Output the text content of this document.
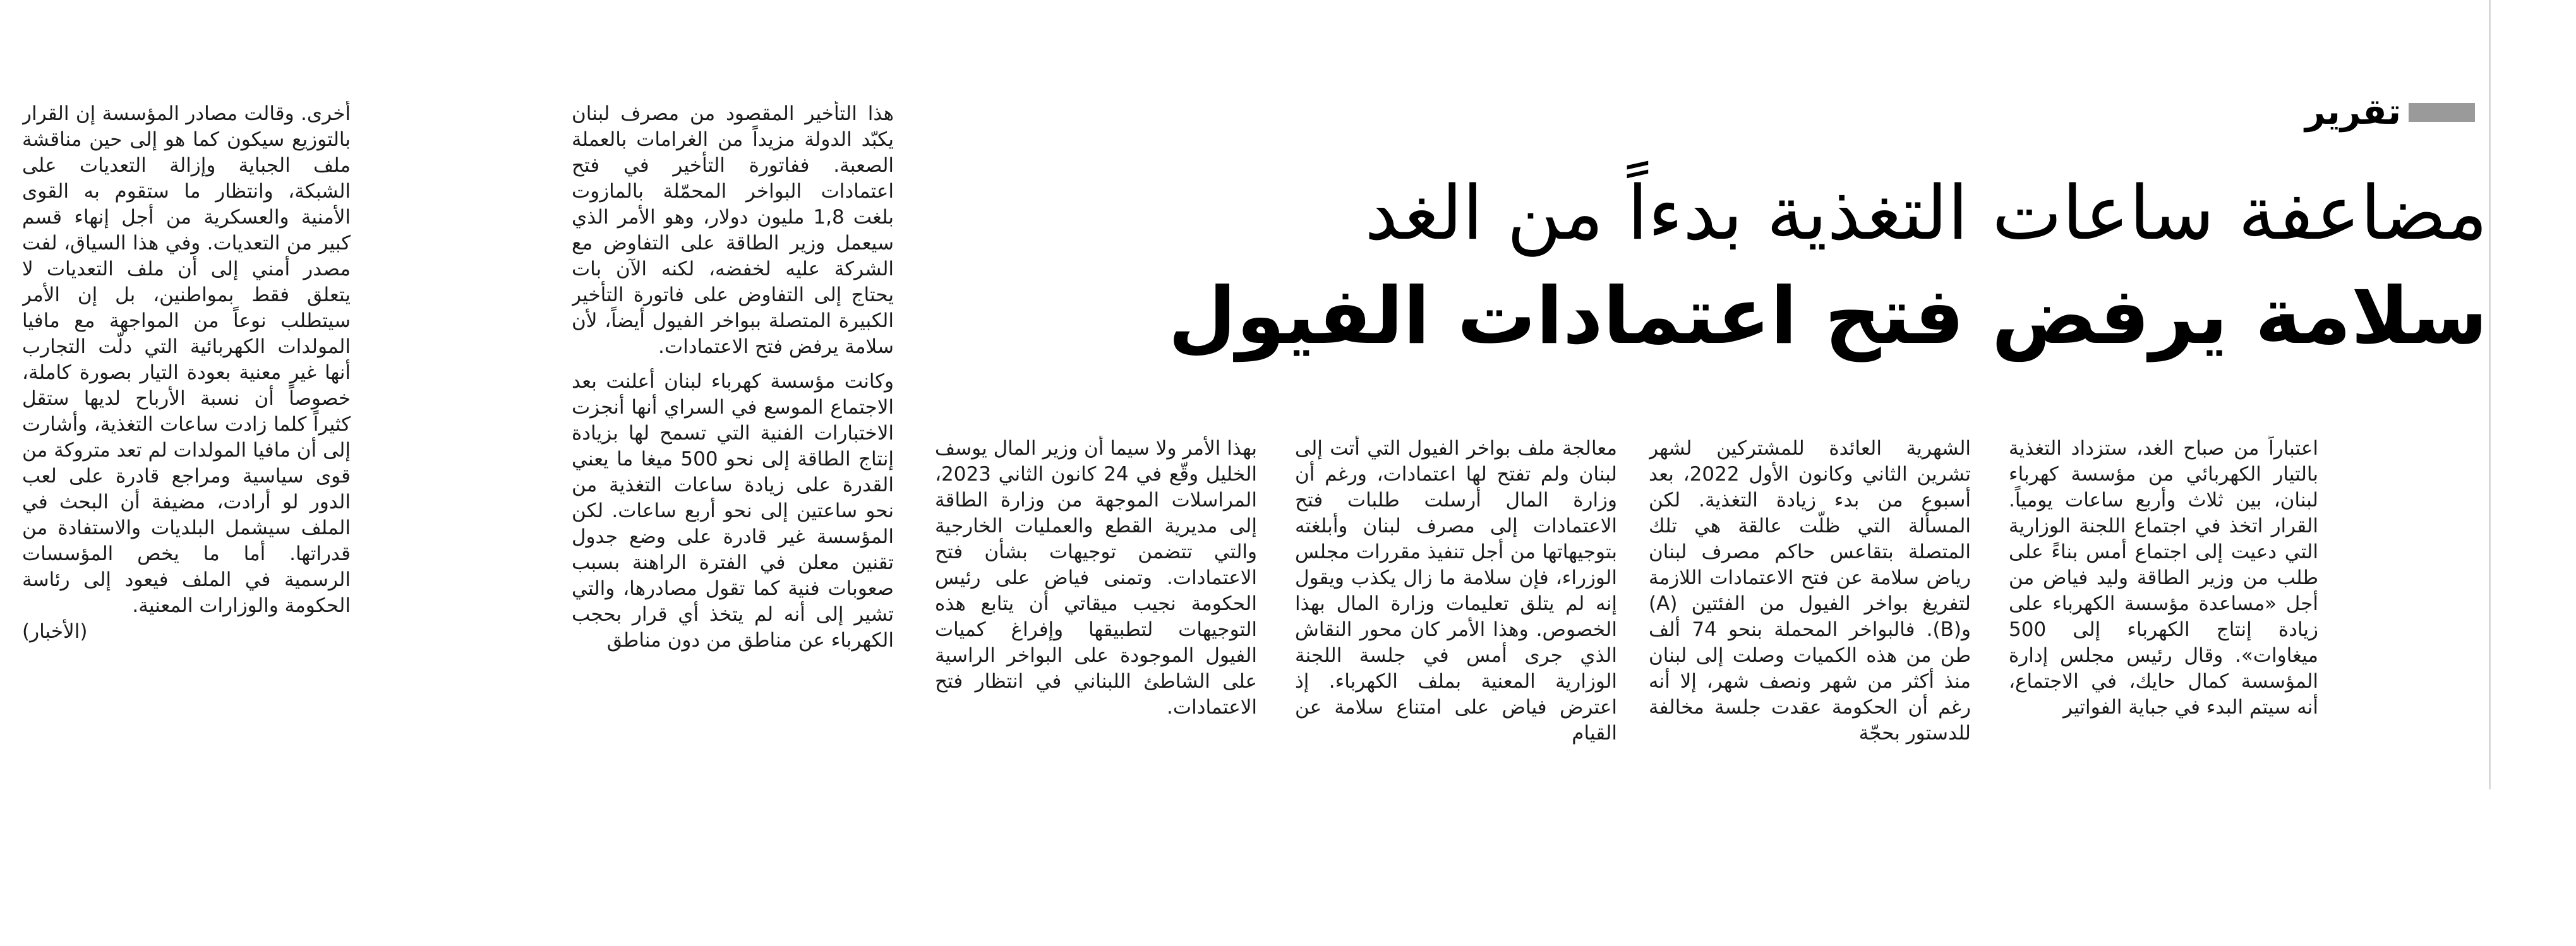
تقرير
مضاعفة ساعات التغذية بدءاً من الغد
سلامة يرفض فتح اعتمادات الفيول

اعتباراً من صباح الغد، ستزداد التغذية بالتيار الكهربائي من مؤسسة كهرباء لبنان، بين ثلاث وأربع ساعات يومياً. القرار اتخذ في اجتماع اللجنة الوزارية التي دعيت إلى اجتماع أمس بناءً على طلب من وزير الطاقة وليد فياض من أجل «مساعدة مؤسسة الكهرباء على زيادة إنتاج الكهرباء إلى 500 ميغاوات». وقال رئيس مجلس إدارة المؤسسة كمال حايك، في الاجتماع، أنه سيتم البدء في جباية الفواتير

الشهرية العائدة للمشتركين لشهر تشرين الثاني وكانون الأول 2022، بعد أسبوع من بدء زيادة التغذية. لكن المسألة التي ظلّت عالقة هي تلك المتصلة بتقاعس حاكم مصرف لبنان رياض سلامة عن فتح الاعتمادات اللازمة لتفريغ بواخر الفيول من الفئتين (A) و(B). فالبواخر المحملة بنحو 74 ألف طن من هذه الكميات وصلت إلى لبنان منذ أكثر من شهر ونصف شهر، إلا أنه رغم أن الحكومة عقدت جلسة مخالفة للدستور بحجّة

معالجة ملف بواخر الفيول التي أتت إلى لبنان ولم تفتح لها اعتمادات، ورغم أن وزارة المال أرسلت طلبات فتح الاعتمادات إلى مصرف لبنان وأبلغته بتوجيهاتها من أجل تنفيذ مقررات مجلس الوزراء، فإن سلامة ما زال يكذب ويقول إنه لم يتلق تعليمات وزارة المال بهذا الخصوص. وهذا الأمر كان محور النقاش الذي جرى أمس في جلسة اللجنة الوزارية المعنية بملف الكهرباء. إذ اعترض فياض على امتناع سلامة عن القيام

بهذا الأمر ولا سيما أن وزير المال يوسف الخليل وقّع في 24 كانون الثاني 2023، المراسلات الموجهة من وزارة الطاقة إلى مديرية القطع والعمليات الخارجية والتي تتضمن توجيهات بشأن فتح الاعتمادات. وتمنى فياض على رئيس الحكومة نجيب ميقاتي أن يتابع هذه التوجيهات لتطبيقها وإفراغ كميات الفيول الموجودة على البواخر الراسية على الشاطئ اللبناني في انتظار فتح الاعتمادات.

هذا التأخير المقصود من مصرف لبنان يكبّد الدولة مزيداً من الغرامات بالعملة الصعبة. ففاتورة التأخير في فتح اعتمادات البواخر المحمّلة بالمازوت بلغت 1,8 مليون دولار، وهو الأمر الذي سيعمل وزير الطاقة على التفاوض مع الشركة عليه لخفضه، لكنه الآن بات يحتاج إلى التفاوض على فاتورة التأخير الكبيرة المتصلة ببواخر الفيول أيضاً، لأن سلامة يرفض فتح الاعتمادات.

وكانت مؤسسة كهرباء لبنان أعلنت بعد الاجتماع الموسع في السراي أنها أنجزت الاختبارات الفنية التي تسمح لها بزيادة إنتاج الطاقة إلى نحو 500 ميغا ما يعني القدرة على زيادة ساعات التغذية من نحو ساعتين إلى نحو أربع ساعات. لكن المؤسسة غير قادرة على وضع جدول تقنين معلن في الفترة الراهنة بسبب صعوبات فنية كما تقول مصادرها، والتي تشير إلى أنه لم يتخذ أي قرار بحجب الكهرباء عن مناطق من دون مناطق

أخرى. وقالت مصادر المؤسسة إن القرار بالتوزيع سيكون كما هو إلى حين مناقشة ملف الجباية وإزالة التعديات على الشبكة، وانتظار ما ستقوم به القوى الأمنية والعسكرية من أجل إنهاء قسم كبير من التعديات. وفي هذا السياق، لفت مصدر أمني إلى أن ملف التعديات لا يتعلق فقط بمواطنين، بل إن الأمر سيتطلب نوعاً من المواجهة مع مافيا المولدات الكهربائية التي دلّت التجارب أنها غير معنية بعودة التيار بصورة كاملة، خصوصاً أن نسبة الأرباح لديها ستقل كثيراً كلما زادت ساعات التغذية، وأشارت إلى أن مافيا المولدات لم تعد متروكة من قوى سياسية ومراجع قادرة على لعب الدور لو أرادت، مضيفة أن البحث في الملف سيشمل البلديات والاستفادة من قدراتها. أما ما يخص المؤسسات الرسمية في الملف فيعود إلى رئاسة الحكومة والوزارات المعنية.

(الأخبار)
